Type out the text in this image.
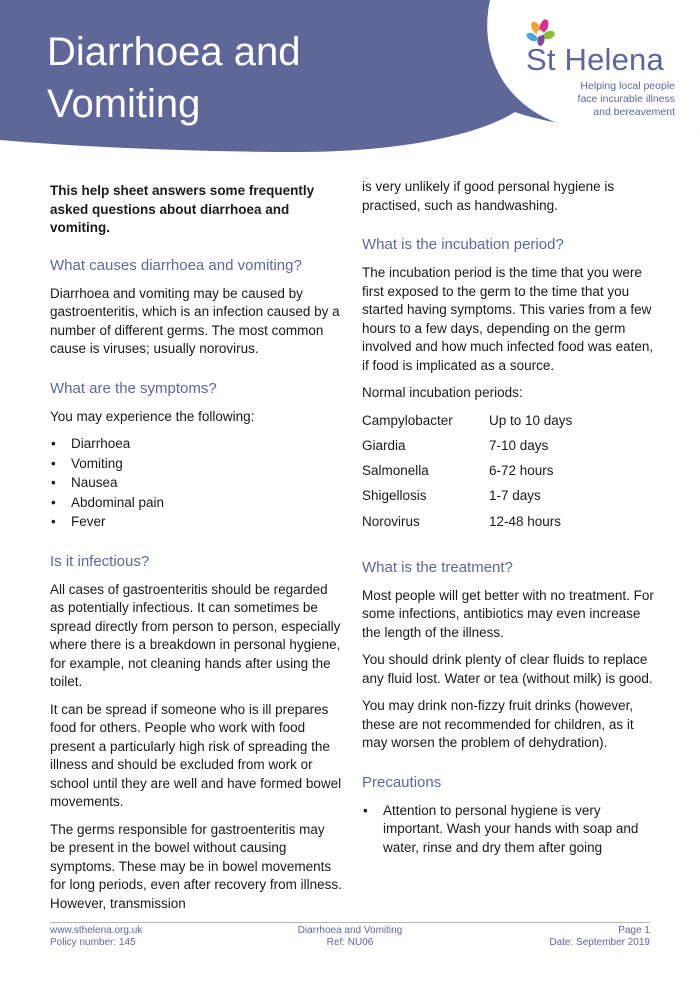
Diarrhoea and
Vomiting
St Helena
Helping local people
face incurable illness
and bereavement

This help sheet answers some frequently asked questions about diarrhoea and vomiting.

What causes diarrhoea and vomiting?

Diarrhoea and vomiting may be caused by gastroenteritis, which is an infection caused by a number of different germs. The most common cause is viruses; usually norovirus.

What are the symptoms?

You may experience the following:

• Diarrhoea
• Vomiting
• Nausea
• Abdominal pain
• Fever
Is it infectious?

All cases of gastroenteritis should be regarded as potentially infectious. It can sometimes be spread directly from person to person, especially where there is a breakdown in personal hygiene, for example, not cleaning hands after using the toilet.

It can be spread if someone who is ill prepares food for others. People who work with food present a particularly high risk of spreading the illness and should be excluded from work or school until they are well and have formed bowel movements.

The germs responsible for gastroenteritis may be present in the bowel without causing symptoms. These may be in bowel movements for long periods, even after recovery from illness. However, transmission

is very unlikely if good personal hygiene is practised, such as handwashing.

What is the incubation period?

The incubation period is the time that you were first exposed to the germ to the time that you started having symptoms. This varies from a few hours to a few days, depending on the germ involved and how much infected food was eaten, if food is implicated as a source.

Normal incubation periods:

Campylobacter	Up to 10 days
Giardia	7-10 days
Salmonella	6-72 hours
Shigellosis	1-7 days
Norovirus	12-48 hours
What is the treatment?

Most people will get better with no treatment. For some infections, antibiotics may even increase the length of the illness.

You should drink plenty of clear fluids to replace any fluid lost. Water or tea (without milk) is good.

You may drink non-fizzy fruit drinks (however, these are not recommended for children, as it may worsen the problem of dehydration).

Precautions
• Attention to personal hygiene is very important. Wash your hands with soap and water, rinse and dry them after going
www.sthelena.org.uk
Policy number: 145
Diarrhoea and Vomiting
Ref: NU06
Page 1
Date: September 2019
